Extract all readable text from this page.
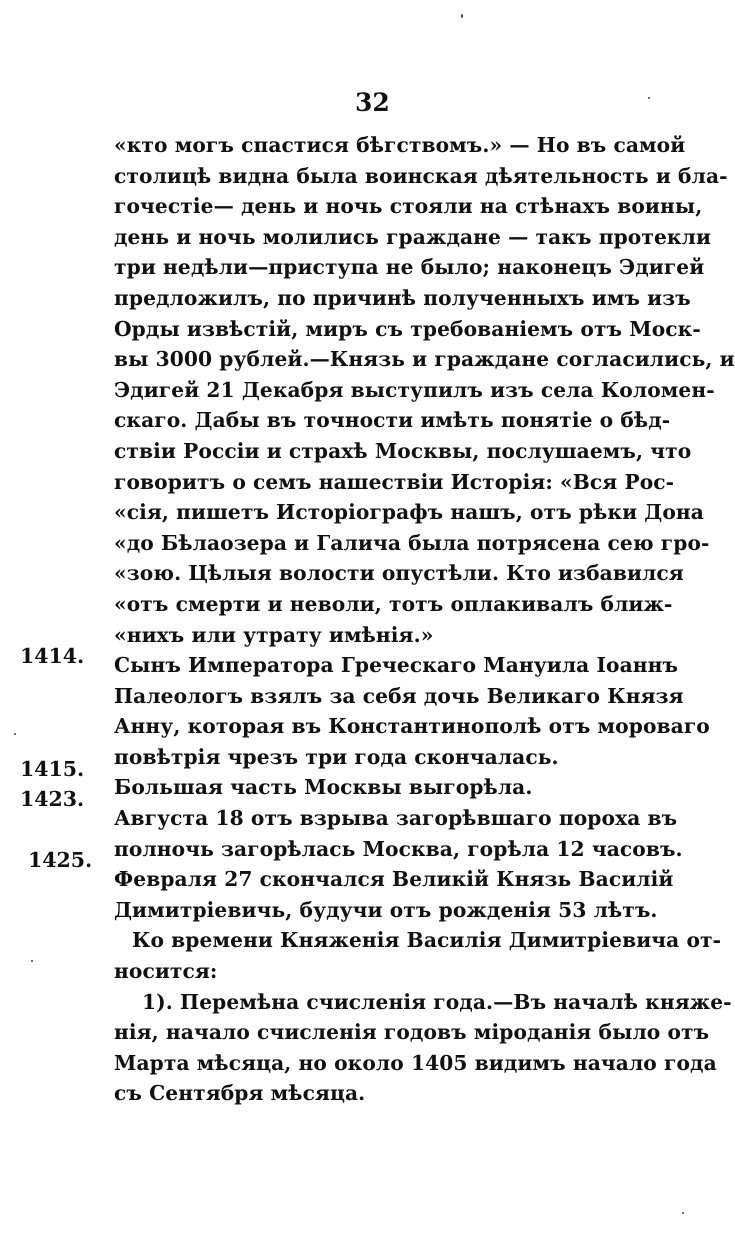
32
1414.
1415.
1423.
1425.
«кто могъ спастися бѣгствомъ.» — Но въ самой
столицѣ видна была воинская дѣятельность и бла-
гочестіе— день и ночь стояли на стѣнахъ воины,
день и ночь молились граждане — такъ протекли
три недѣли—приступа не было; наконецъ Эдигей
предложилъ, по причинѣ полученныхъ имъ изъ
Орды извѣстій, миръ съ требованіемъ отъ Моск-
вы 3000 рублей.—Князь и граждане согласились, и
Эдигей 21 Декабря выступилъ изъ села Коломен-
скаго. Дабы въ точности имѣть понятіе о бѣд-
ствіи Россіи и страхѣ Москвы, послушаемъ, что
говоритъ о семъ нашествіи Исторія: «Вся Рос-
«сія, пишетъ Исторіографъ нашъ, отъ рѣки Дона
«до Бѣлаозера и Галича была потрясена сею гро-
«зою. Цѣлыя волости опустѣли. Кто избавился
«отъ смерти и неволи, тотъ оплакивалъ ближ-
«нихъ или утрату имѣнія.»
Сынъ Императора Греческаго Мануила Іоаннъ
Палеологъ взялъ за себя дочь Великаго Князя
Анну, которая въ Константинополѣ отъ мороваго
повѣтрія чрезъ три года скончалась.
Большая часть Москвы выгорѣла.
Августа 18 отъ взрыва загорѣвшаго пороха въ
полночь загорѣлась Москва, горѣла 12 часовъ.
Февраля 27 скончался Великій Князь Василій
Димитріевичь, будучи отъ рожденія 53 лѣтъ.
Ко времени Княженія Василія Димитріевича от-
носится:
1). Перемѣна счисленія года.—Въ началѣ княже-
нія, начало счисленія годовъ міроданія было отъ
Марта мѣсяца, но около 1405 видимъ начало года
съ Сентября мѣсяца.
